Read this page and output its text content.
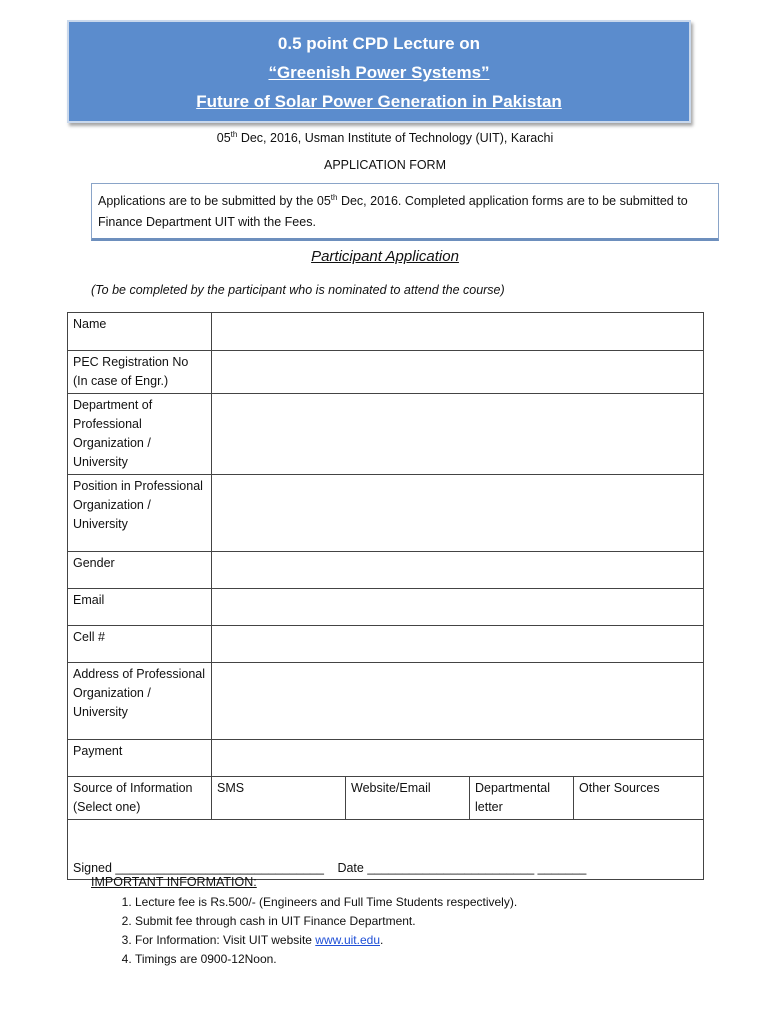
0.5 point CPD Lecture on
“Greenish Power Systems”
Future of Solar Power Generation in Pakistan
05th Dec, 2016, Usman Institute of Technology (UIT), Karachi
APPLICATION FORM
Applications are to be submitted by the 05th Dec, 2016. Completed application forms are to be submitted to Finance Department UIT with the Fees.
Participant Application
(To be completed by the participant who is nominated to attend the course)
Name				
PEC Registration No (In case of Engr.)				
Department of Professional Organization / University				
Position in Professional Organization / University				
Gender				
Email				
Cell #				
Address of Professional Organization / University				
Payment				
Source of Information (Select one)	SMS	Website/Email	Departmental letter	Other Sources
Signed ______________________________ Date ________________________ _______				
IMPORTANT INFORMATION:
1. Lecture fee is Rs.500/- (Engineers and Full Time Students respectively).
2. Submit fee through cash in UIT Finance Department.
3. For Information: Visit UIT website www.uit.edu.
4. Timings are 0900-12Noon.
